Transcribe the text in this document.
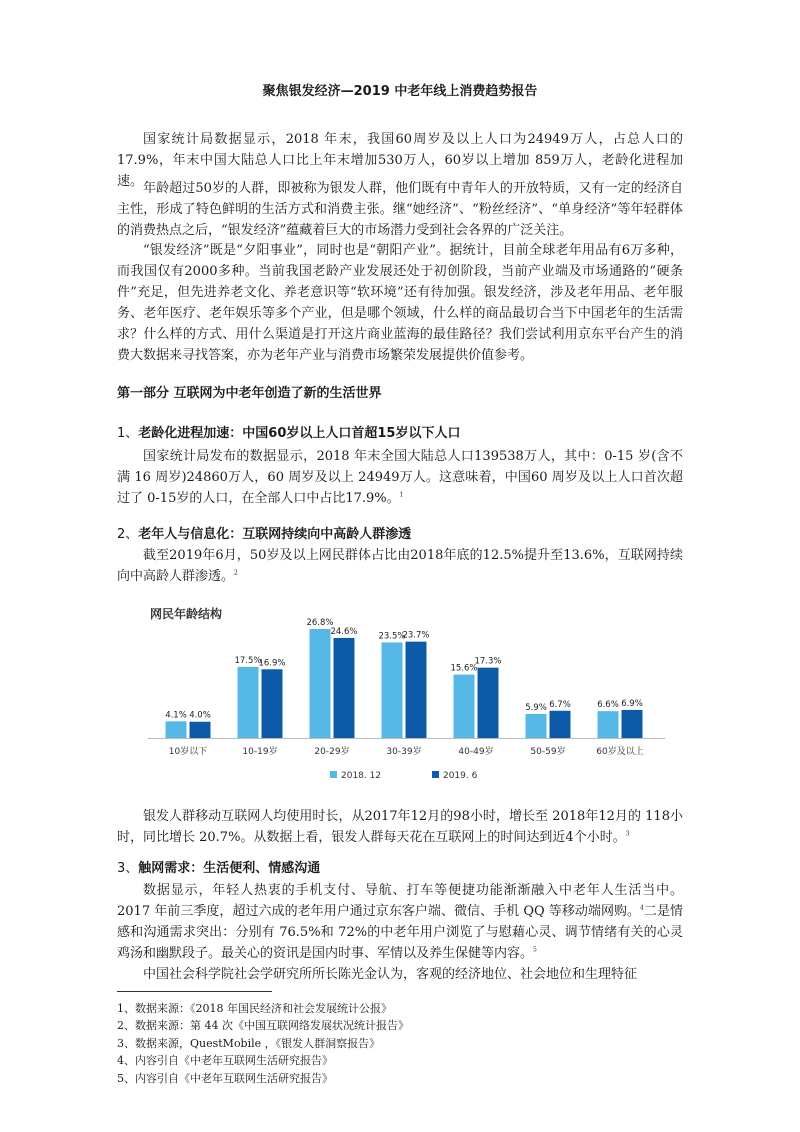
聚焦银发经济—2019 中老年线上消费趋势报告

国家统计局数据显示，2018 年末，我国60周岁及以上人口为24949万人，占总人口的17.9%，年末中国大陆总人口比上年末增加530万人，60岁以上增加 859万人，老龄化进程加速。 年龄超过50岁的人群，即被称为银发人群，他们既有中青年人的开放特质，又有一定的经济自主性，形成了特色鲜明的生活方式和消费主张。继“她经济”、“粉丝经济”、“单身经济”等年轻群体的消费热点之后，“银发经济”蕴藏着巨大的市场潜力受到社会各界的广泛关注。

“银发经济”既是“夕阳事业”，同时也是“朝阳产业”。据统计，目前全球老年用品有6万多种，而我国仅有2000多种。当前我国老龄产业发展还处于初创阶段，当前产业端及市场通路的“硬条件”充足，但先进养老文化、养老意识等“软环境”还有待加强。银发经济，涉及老年用品、老年服务、老年医疗、老年娱乐等多个产业，但是哪个领域，什么样的商品最切合当下中国老年的生活需求？什么样的方式、用什么渠道是打开这片商业蓝海的最佳路径？我们尝试利用京东平台产生的消费大数据来寻找答案，亦为老年产业与消费市场繁荣发展提供价值参考。

第一部分 互联网为中老年创造了新的生活世界

1、老龄化进程加速：中国60岁以上人口首超15岁以下人口

国家统计局发布的数据显示，2018 年末全国大陆总人口139538万人，其中：0-15 岁(含不满 16 周岁)24860万人，60 周岁及以上 24949万人。这意味着，中国60 周岁及以上人口首次超过了 0-15岁的人口，在全部人口中占比17.9%。$^1$

2、老年人与信息化：互联网持续向中高龄人群渗透

截至2019年6月，50岁及以上网民群体占比由2018年底的12.5%提升至13.6%，互联网持续向中高龄人群渗透。$^2$

网民年龄结构
4.1% 4.0%
10岁以下
17.5%
16.9%
10-19岁
26.8%
24.6%
20-29岁
23.5%
23.7%
30-39岁
15.6%
17.3%
40-49岁
5.9% 6.7%
50-59岁
6.6% 6.9%
60岁及以上
2018. 12	2019. 6

银发人群移动互联网人均使用时长，从2017年12月的98小时，增长至 2018年12月的 118小时，同比增长 20.7%。从数据上看，银发人群每天花在互联网上的时间达到近4个小时。$^3$

3、触网需求：生活便利、情感沟通

数据显示，年轻人热衷的手机支付、导航、打车等便捷功能渐渐融入中老年人生活当中。2017 年前三季度，超过六成的老年用户通过京东客户端、微信、手机 QQ 等移动端网购。$^4$二是情感和沟通需求突出：分别有 76.5%和 72%的中老年用户浏览了与慰藉心灵、调节情绪有关的心灵鸡汤和幽默段子。最关心的资讯是国内时事、军情以及养生保健等内容。$^5$

中国社会科学院社会学研究所所长陈光金认为，客观的经济地位、社会地位和生理特征

1、数据来源：《2018 年国民经济和社会发展统计公报》
2、数据来源：第 44 次《中国互联网络发展状况统计报告》
3、数据来源，QuestMobile ，《银发人群洞察报告》
4、内容引自《中老年互联网生活研究报告》
5、内容引自《中老年互联网生活研究报告》
